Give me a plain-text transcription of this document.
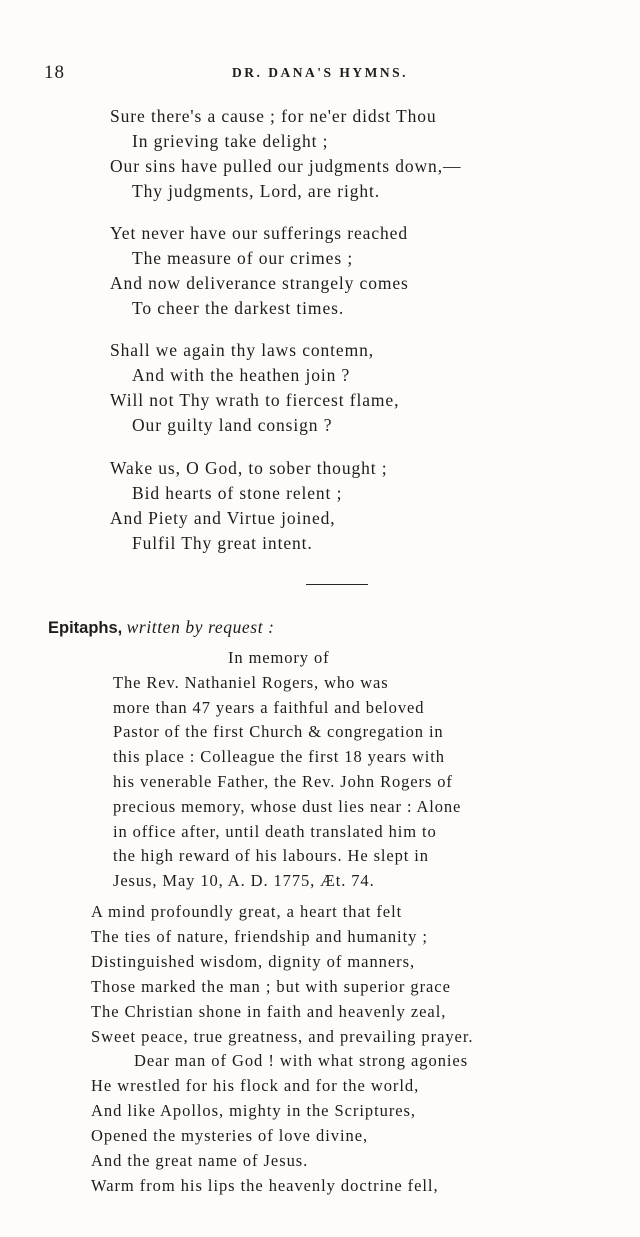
18	DR. DANA'S HYMNS.
Sure there's a cause ; for ne'er didst Thou
In grieving take delight ;
Our sins have pulled our judgments down,—
Thy judgments, Lord, are right.
Yet never have our sufferings reached
The measure of our crimes ;
And now deliverance strangely comes
To cheer the darkest times.
Shall we again thy laws contemn,
And with the heathen join ?
Will not Thy wrath to fiercest flame,
Our guilty land consign ?
Wake us, O God, to sober thought ;
Bid hearts of stone relent ;
And Piety and Virtue joined,
Fulfil Thy great intent.
Epitaphs, written by request :
In memory of
The Rev. Nathaniel Rogers, who was
more than 47 years a faithful and beloved
Pastor of the first Church & congregation in
this place : Colleague the first 18 years with
his venerable Father, the Rev. John Rogers of
precious memory, whose dust lies near : Alone
in office after, until death translated him to
the high reward of his labours. He slept in
Jesus, May 10, A. D. 1775, Æt. 74.
A mind profoundly great, a heart that felt
The ties of nature, friendship and humanity ;
Distinguished wisdom, dignity of manners,
Those marked the man ; but with superior grace
The Christian shone in faith and heavenly zeal,
Sweet peace, true greatness, and prevailing prayer.
Dear man of God ! with what strong agonies
He wrestled for his flock and for the world,
And like Apollos, mighty in the Scriptures,
Opened the mysteries of love divine,
And the great name of Jesus.
Warm from his lips the heavenly doctrine fell,
